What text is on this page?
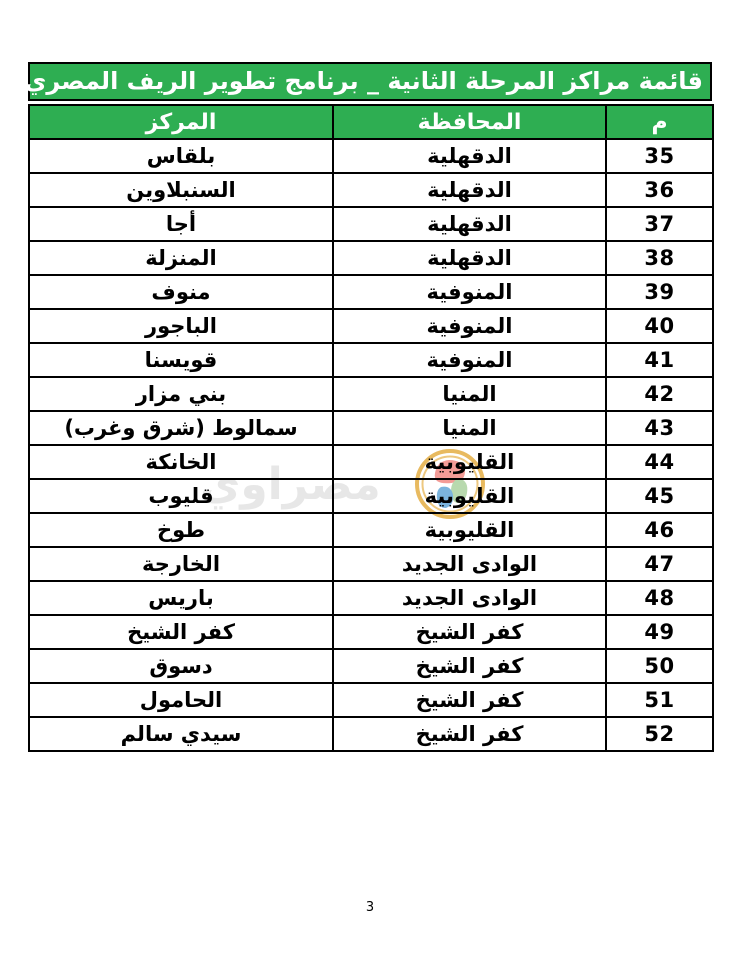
مصراوي
قائمة مراكز المرحلة الثانية _ برنامج تطوير الريف المصري
م	المحافظة	المركز
35	الدقهلية	بلقاس
36	الدقهلية	السنبلاوين
37	الدقهلية	أجا
38	الدقهلية	المنزلة
39	المنوفية	منوف
40	المنوفية	الباجور
41	المنوفية	قويسنا
42	المنيا	بني مزار
43	المنيا	سمالوط (شرق وغرب)
44	القليوبية	الخانكة
45	القليوبية	قليوب
46	القليوبية	طوخ
47	الوادى الجديد	الخارجة
48	الوادى الجديد	باريس
49	كفر الشيخ	كفر الشيخ
50	كفر الشيخ	دسوق
51	كفر الشيخ	الحامول
52	كفر الشيخ	سيدي سالم
3
